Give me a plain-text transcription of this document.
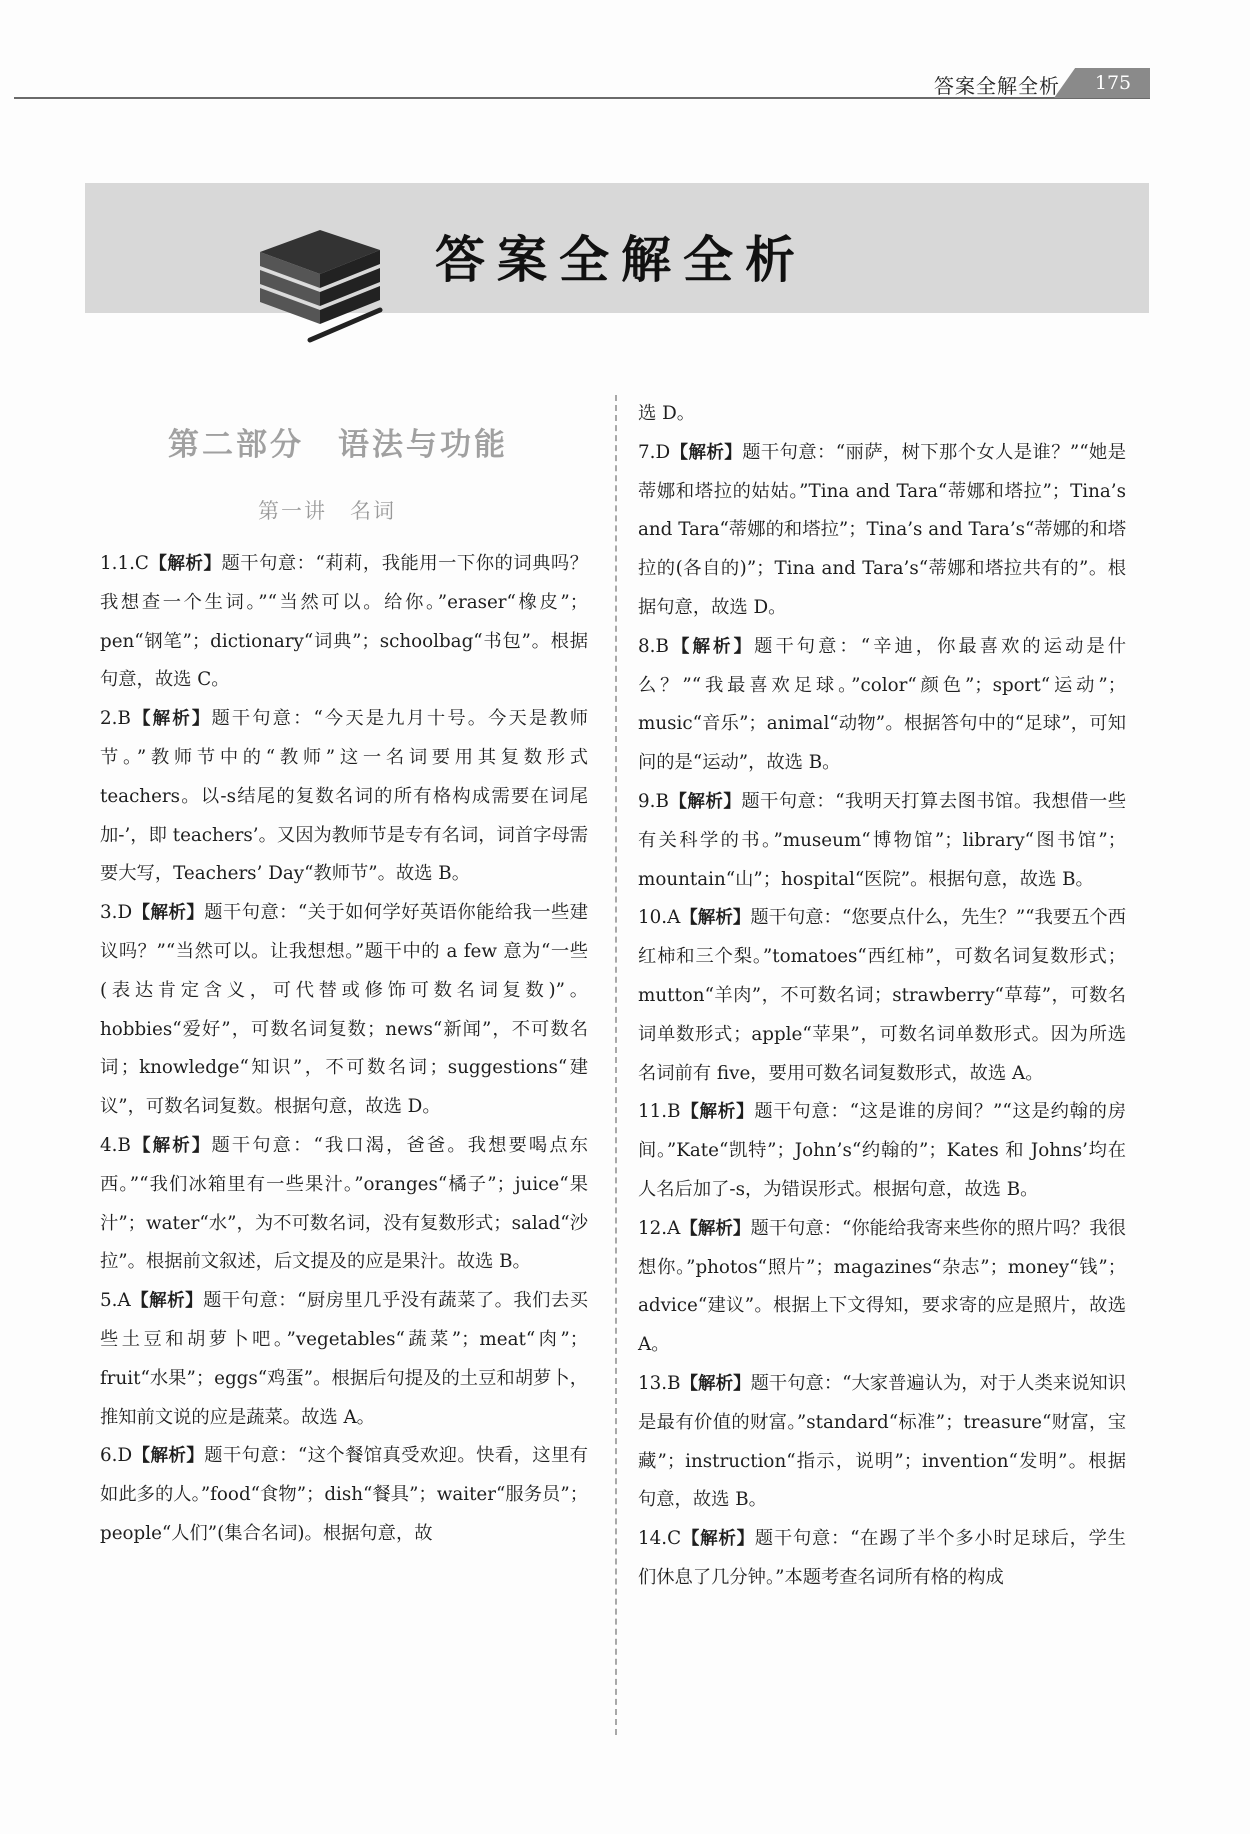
答案全解全析	175
答案全解全析
第二部分　语法与功能
第一讲　名词

1.1.C【解析】题干句意：“莉莉，我能用一下你的词典吗？我想查一个生词。”“当然可以。给你。”eraser“橡皮”；pen“钢笔”；dictionary“词典”；schoolbag“书包”。根据句意，故选 C。

2.B【解析】题干句意：“今天是九月十号。今天是教师节。”教师节中的“教师”这一名词要用其复数形式 teachers。以-s结尾的复数名词的所有格构成需要在词尾加-’，即 teachers’。又因为教师节是专有名词，词首字母需要大写，Teachers’ Day“教师节”。故选 B。

3.D【解析】题干句意：“关于如何学好英语你能给我一些建议吗？”“当然可以。让我想想。”题干中的 a few 意为“一些(表达肯定含义，可代替或修饰可数名词复数)”。hobbies“爱好”，可数名词复数；news“新闻”，不可数名词；knowledge“知识”，不可数名词；suggestions“建议”，可数名词复数。根据句意，故选 D。

4.B【解析】题干句意：“我口渴，爸爸。我想要喝点东西。”“我们冰箱里有一些果汁。”oranges“橘子”；juice“果汁”；water“水”，为不可数名词，没有复数形式；salad“沙拉”。根据前文叙述，后文提及的应是果汁。故选 B。

5.A【解析】题干句意：“厨房里几乎没有蔬菜了。我们去买些土豆和胡萝卜吧。”vegetables“蔬菜”；meat“肉”；fruit“水果”；eggs“鸡蛋”。根据后句提及的土豆和胡萝卜，推知前文说的应是蔬菜。故选 A。

6.D【解析】题干句意：“这个餐馆真受欢迎。快看，这里有如此多的人。”food“食物”；dish“餐具”；waiter“服务员”；people“人们”(集合名词)。根据句意，故

选 D。

7.D【解析】题干句意：“丽萨，树下那个女人是谁？”“她是蒂娜和塔拉的姑姑。”Tina and Tara“蒂娜和塔拉”；Tina’s and Tara“蒂娜的和塔拉”；Tina’s and Tara’s“蒂娜的和塔拉的(各自的)”；Tina and Tara’s“蒂娜和塔拉共有的”。根据句意，故选 D。

8.B【解析】题干句意：“辛迪，你最喜欢的运动是什么？”“我最喜欢足球。”color“颜色”；sport“运动”；music“音乐”；animal“动物”。根据答句中的“足球”，可知问的是“运动”，故选 B。

9.B【解析】题干句意：“我明天打算去图书馆。我想借一些有关科学的书。”museum“博物馆”；library“图书馆”；mountain“山”；hospital“医院”。根据句意，故选 B。

10.A【解析】题干句意：“您要点什么，先生？”“我要五个西红柿和三个梨。”tomatoes“西红柿”，可数名词复数形式；mutton“羊肉”，不可数名词；strawberry“草莓”，可数名词单数形式；apple“苹果”，可数名词单数形式。因为所选名词前有 five，要用可数名词复数形式，故选 A。

11.B【解析】题干句意：“这是谁的房间？”“这是约翰的房间。”Kate“凯特”；John’s“约翰的”；Kates 和 Johns’均在人名后加了-s，为错误形式。根据句意，故选 B。

12.A【解析】题干句意：“你能给我寄来些你的照片吗？我很想你。”photos“照片”；magazines“杂志”；money“钱”；advice“建议”。根据上下文得知，要求寄的应是照片，故选 A。

13.B【解析】题干句意：“大家普遍认为，对于人类来说知识是最有价值的财富。”standard“标准”；treasure“财富，宝藏”；instruction“指示，说明”；invention“发明”。根据句意，故选 B。

14.C【解析】题干句意：“在踢了半个多小时足球后，学生们休息了几分钟。”本题考查名词所有格的构成
